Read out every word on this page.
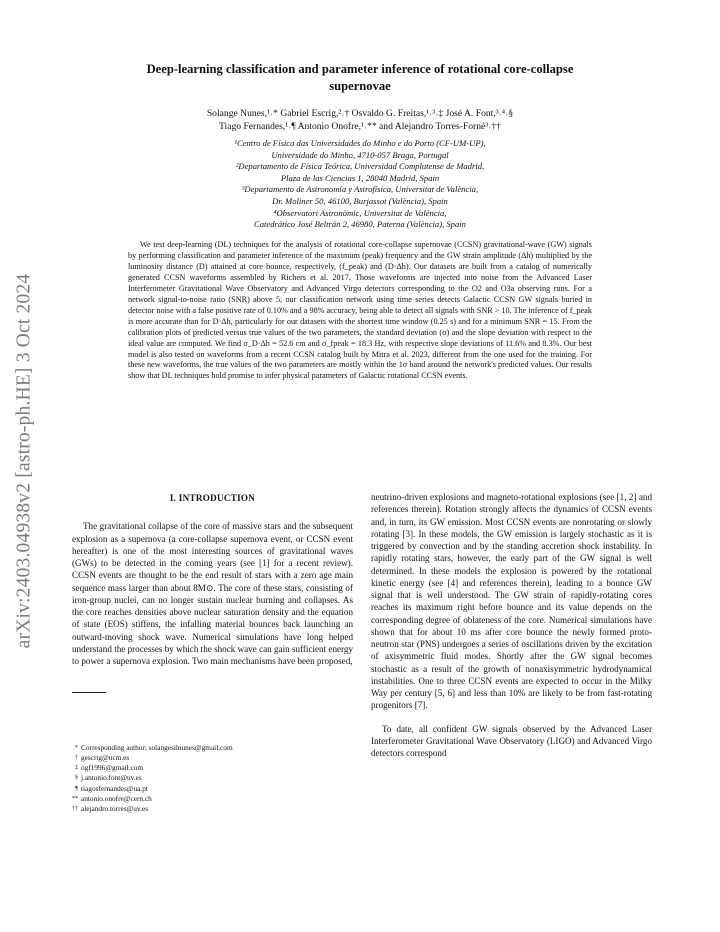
arXiv:2403.04938v2 [astro-ph.HE] 3 Oct 2024
Deep-learning classification and parameter inference of rotational core-collapse
supernovae
Solange Nunes,¹˒* Gabriel Escrig,²˒† Osvaldo G. Freitas,¹˒³˒‡ José A. Font,³˒⁴˒§
Tiago Fernandes,¹˒¶ Antonio Onofre,¹˒** and Alejandro Torres-Forné³˒††
¹Centro de Física das Universidades do Minho e do Porto (CF-UM-UP),
Universidade do Minho, 4710-057 Braga, Portugal
²Departamento de Física Teórica, Universidad Complutense de Madrid,
Plaza de las Ciencias 1, 28040 Madrid, Spain
³Departamento de Astronomía y Astrofísica, Universitat de València,
Dr. Moliner 50, 46100, Burjassot (València), Spain
⁴Observatori Astronòmic, Universitat de València,
Catedrático José Beltrán 2, 46980, Paterna (València), Spain
We test deep-learning (DL) techniques for the analysis of rotational core-collapse supernovae (CCSN) gravitational-wave (GW) signals by performing classification and parameter inference of the maximum (peak) frequency and the GW strain amplitude (Δh) multiplied by the luminosity distance (D) attained at core bounce, respectively, (f_peak) and (D·Δh). Our datasets are built from a catalog of numerically generated CCSN waveforms assembled by Richers et al. 2017. Those waveforms are injected into noise from the Advanced Laser Interferometer Gravitational Wave Observatory and Advanced Virgo detectors corresponding to the O2 and O3a observing runs. For a network signal-to-noise ratio (SNR) above 5, our classification network using time series detects Galactic CCSN GW signals buried in detector noise with a false positive rate of 0.10% and a 98% accuracy, being able to detect all signals with SNR > 10. The inference of f_peak is more accurate than for D·Δh, particularly for our datasets with the shortest time window (0.25 s) and for a minimum SNR = 15. From the calibration plots of predicted versus true values of the two parameters, the standard deviation (σ) and the slope deviation with respect to the ideal value are computed. We find σ_D·Δh = 52.6 cm and σ_fpeak = 18.3 Hz, with respective slope deviations of 11.6% and 8.3%. Our best model is also tested on waveforms from a recent CCSN catalog built by Mitra et al. 2023, different from the one used for the training. For these new waveforms, the true values of the two parameters are mostly within the 1σ band around the network's predicted values. Our results show that DL techniques hold promise to infer physical parameters of Galactic rotational CCSN events.
I. INTRODUCTION

The gravitational collapse of the core of massive stars and the subsequent explosion as a supernova (a core-collapse supernova event, or CCSN event hereafter) is one of the most interesting sources of gravitational waves (GWs) to be detected in the coming years (see [1] for a recent review). CCSN events are thought to be the end result of stars with a zero age main sequence mass larger than about 8M⊙. The core of these stars, consisting of iron-group nuclei, can no longer sustain nuclear burning and collapses. As the core reaches densities above nuclear saturation density and the equation of state (EOS) stiffens, the infalling material bounces back launching an outward-moving shock wave. Numerical simulations have long helped understand the processes by which the shock wave can gain sufficient energy to power a supernova explosion. Two main mechanisms have been proposed,

* Corresponding author; solangesilnunes@gmail.com
† gescrig@ucm.es
‡ ogf1996@gmail.com
§ j.antonio.font@uv.es
¶ tiagosfernandes@ua.pt
** antonio.onofre@cern.ch
†† alejandro.torres@uv.es

neutrino-driven explosions and magneto-rotational explosions (see [1, 2] and references therein). Rotation strongly affects the dynamics of CCSN events and, in turn, its GW emission. Most CCSN events are nonrotating or slowly rotating [3]. In these models, the GW emission is largely stochastic as it is triggered by convection and by the standing accretion shock instability. In rapidly rotating stars, however, the early part of the GW signal is well determined. In these models the explosion is powered by the rotational kinetic energy (see [4] and references therein), leading to a bounce GW signal that is well understood. The GW strain of rapidly-rotating cores reaches its maximum right before bounce and its value depends on the corresponding degree of oblateness of the core. Numerical simulations have shown that for about 10 ms after core bounce the newly formed proto-neutron star (PNS) undergoes a series of oscillations driven by the excitation of axisymmetric fluid modes. Shortly after the GW signal becomes stochastic as a result of the growth of nonaxisymmetric hydrodynamical instabilities. One to three CCSN events are expected to occur in the Milky Way per century [5, 6] and less than 10% are likely to be from fast-rotating progenitors [7].

To date, all confident GW signals observed by the Advanced Laser Interferometer Gravitational Wave Observatory (LIGO) and Advanced Virgo detectors correspond
